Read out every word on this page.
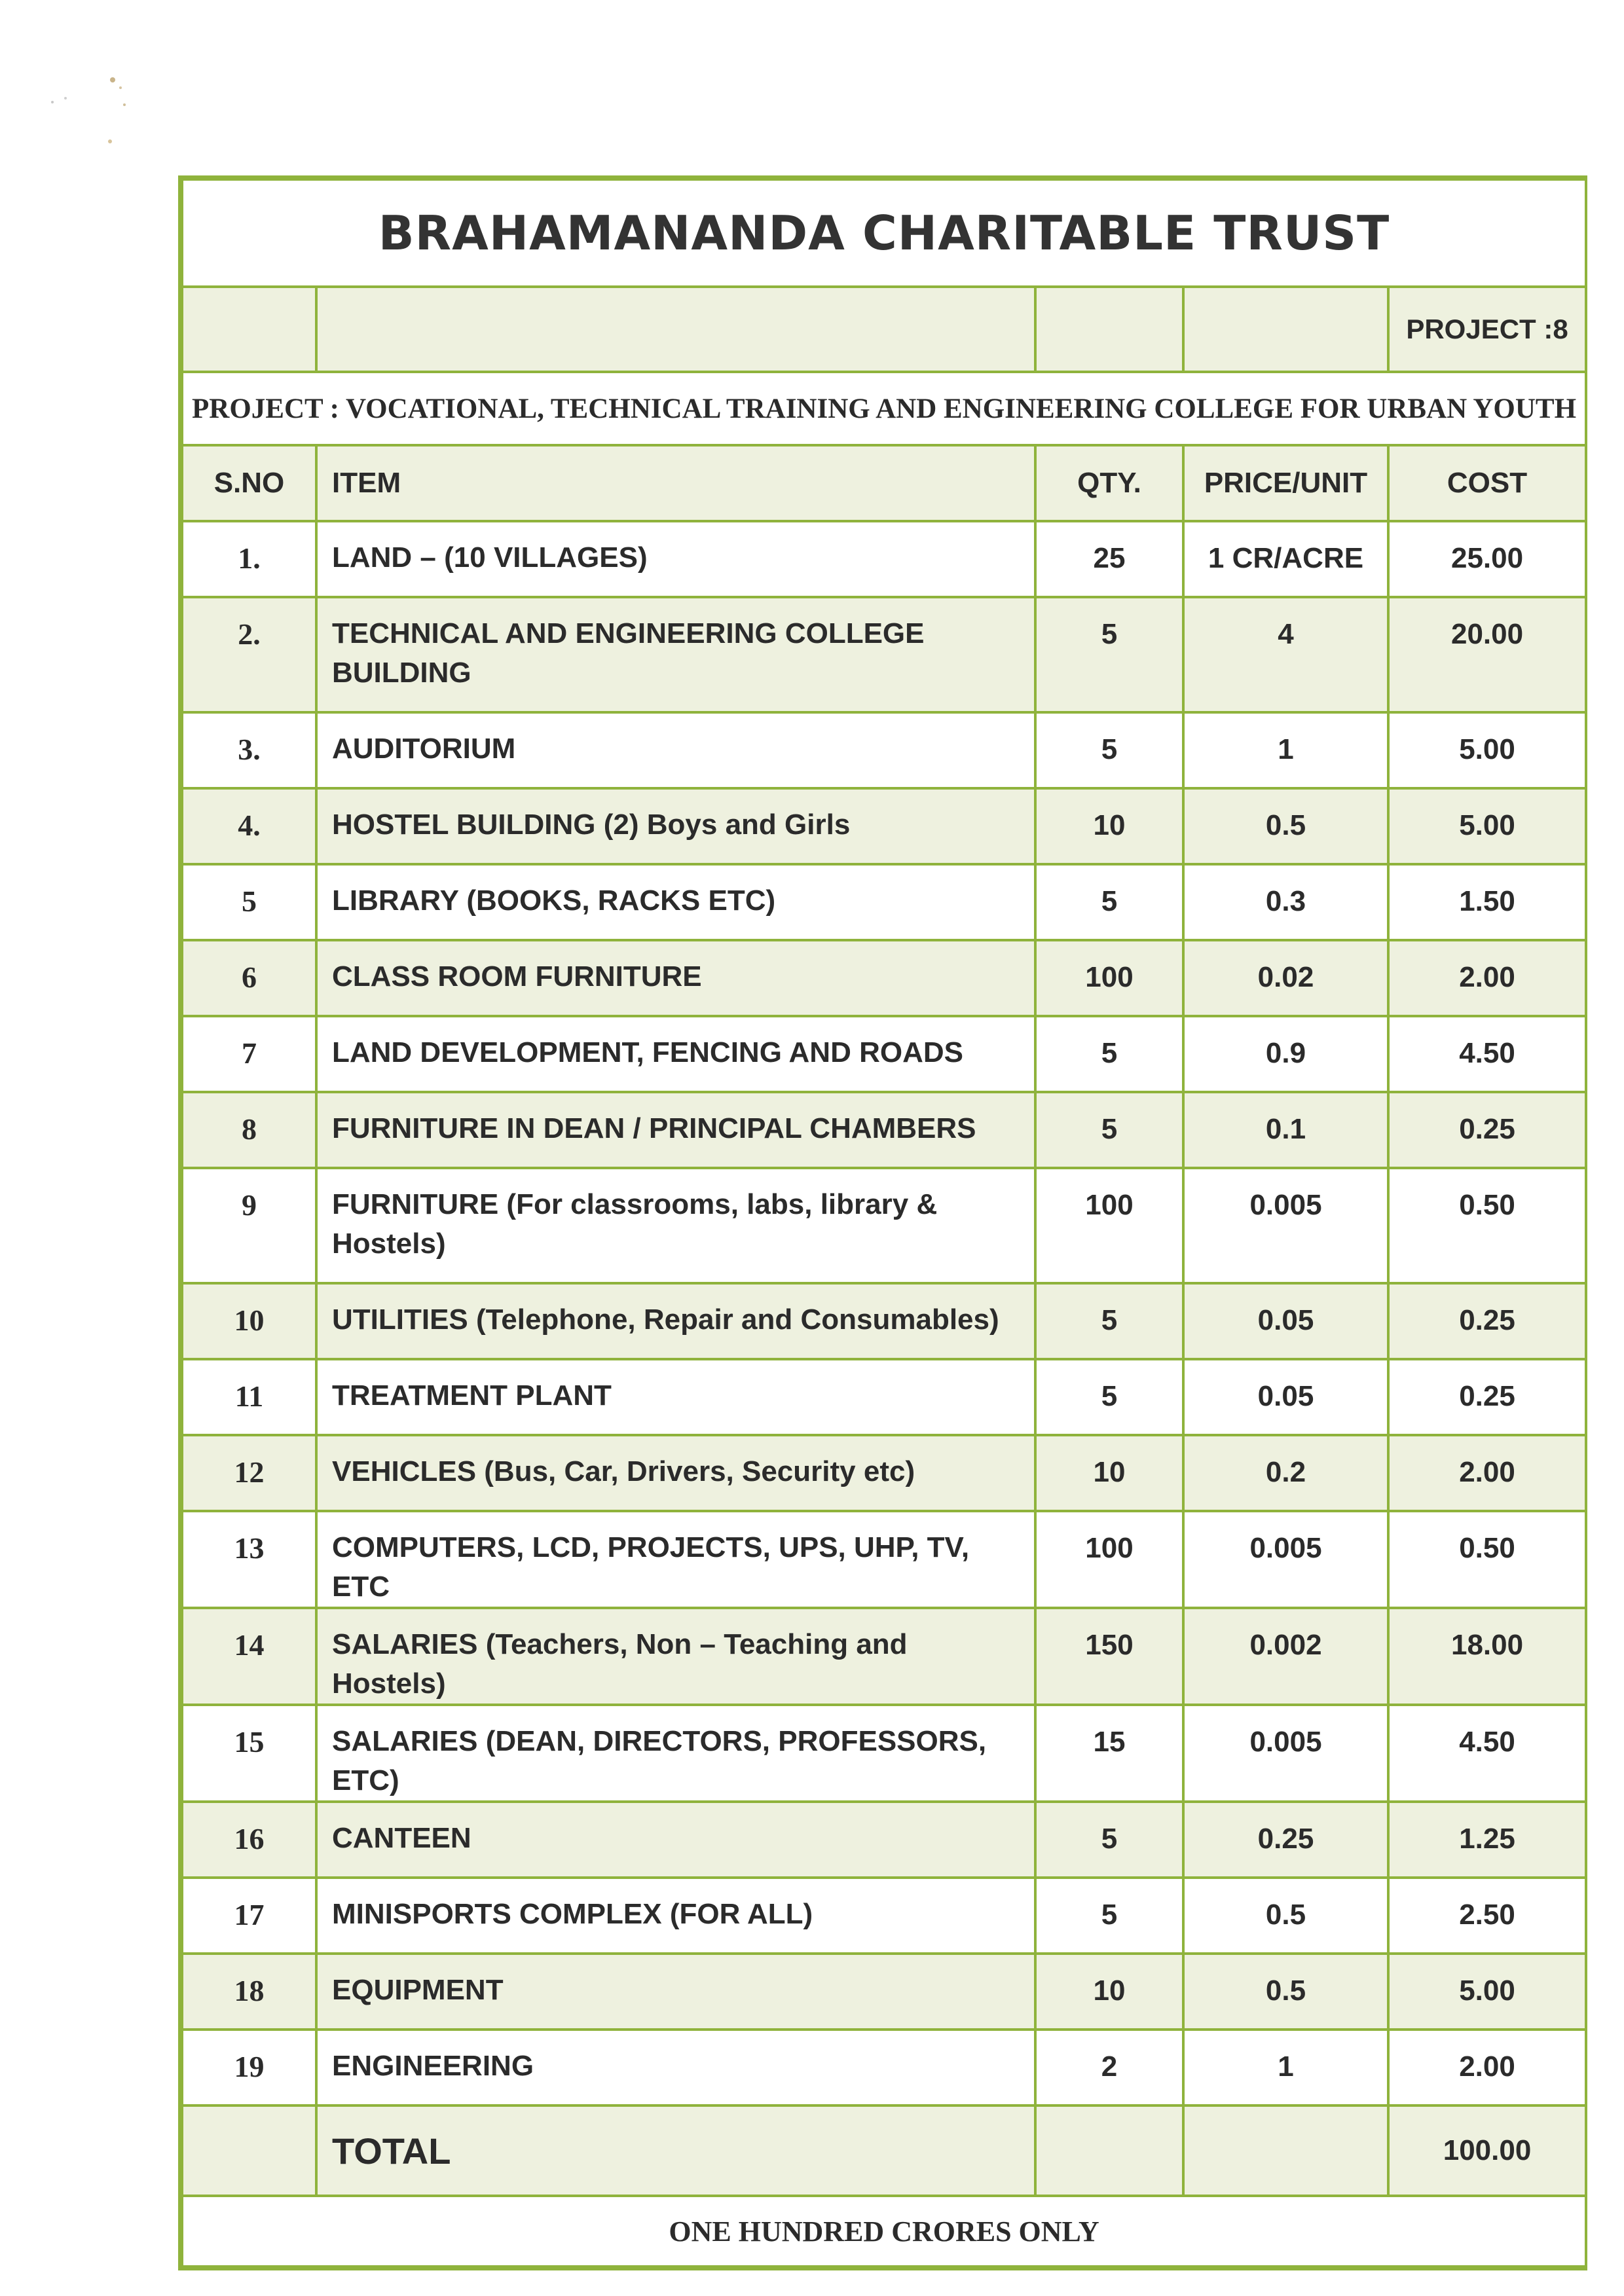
BRAHAMANANDA CHARITABLE TRUST				
				PROJECT :8
PROJECT : VOCATIONAL, TECHNICAL TRAINING AND ENGINEERING COLLEGE FOR URBAN YOUTH				
S.NO	ITEM	QTY.	PRICE/UNIT	COST
1.	LAND – (10 VILLAGES)	25	1 CR/ACRE	25.00
2.	TECHNICAL AND ENGINEERING COLLEGE BUILDING	5	4	20.00
3.	AUDITORIUM	5	1	5.00
4.	HOSTEL BUILDING (2) Boys and Girls	10	0.5	5.00
5	LIBRARY (BOOKS, RACKS ETC)	5	0.3	1.50
6	CLASS ROOM FURNITURE	100	0.02	2.00
7	LAND DEVELOPMENT, FENCING AND ROADS	5	0.9	4.50
8	FURNITURE IN DEAN / PRINCIPAL CHAMBERS	5	0.1	0.25
9	FURNITURE (For classrooms, labs, library & Hostels)	100	0.005	0.50
10	UTILITIES (Telephone, Repair and Consumables)	5	0.05	0.25
11	TREATMENT PLANT	5	0.05	0.25
12	VEHICLES (Bus, Car, Drivers, Security etc)	10	0.2	2.00
13	COMPUTERS, LCD, PROJECTS, UPS, UHP, TV, ETC	100	0.005	0.50
14	SALARIES (Teachers, Non – Teaching and Hostels)	150	0.002	18.00
15	SALARIES (DEAN, DIRECTORS, PROFESSORS, ETC)	15	0.005	4.50
16	CANTEEN	5	0.25	1.25
17	MINISPORTS COMPLEX (FOR ALL)	5	0.5	2.50
18	EQUIPMENT	10	0.5	5.00
19	ENGINEERING	2	1	2.00
	TOTAL			100.00
ONE HUNDRED CRORES ONLY				
